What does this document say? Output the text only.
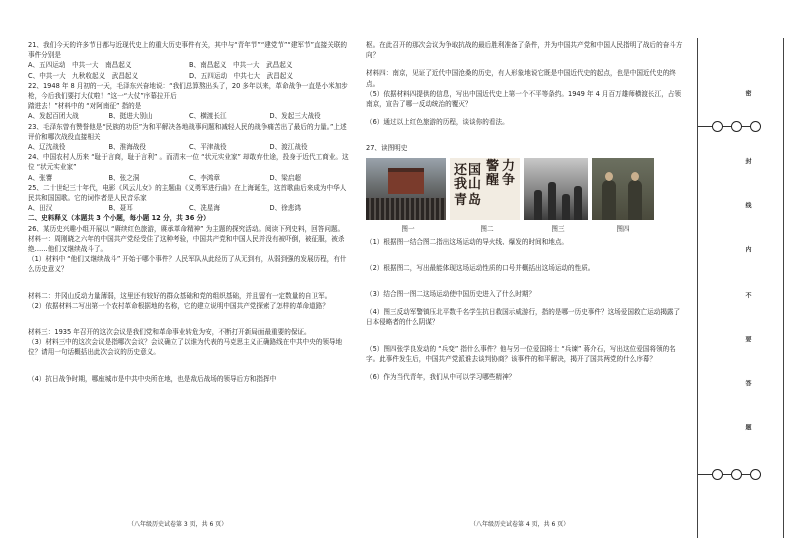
21、我们今天的许多节日都与近现代史上的重大历史事件有关，其中与“青年节”“建党节”“建军节”直接关联的事件分别是

A、五四运动　中共一大　南昌起义	B、南昌起义　中共一大　武昌起义
C、中共一大　九秋收起义　武昌起义	D、五四运动　中共七大　武昌起义

22、1948 年 8 月初的一天，毛泽东兴奋地说：“我们总算熬出头了，20 多年以来，革命战争一直是小米加步枪，今后我们要打大仗啦！”这一“大仗”序幕拉开后

踏进去！”材料中的 “对阿南征” 指的是

A、发起百团大战	B、挺进大别山	C、横渡长江	D、发起三大战役

23、毛泽东曾有赞誉他是“民族的功臣”为和平解决各地战事问题和减轻人民的战争痛苦出了最后的力量。”上述评价和哪次战役直接相关

A、辽沈战役	B、淮海战役	C、平津战役	D、渡江战役

24、中国农村人历来 “耻于言商，耻于言利” 。而清末一位 “状元实业家” 却敢弃仕途，投身于近代工商业。这位 “状元实业家”

A、张謇	B、张之洞	C、李鸿章	D、梁启超

25、二十世纪三十年代，电影《风云儿女》的主题曲《义勇军进行曲》在上海诞生，这首歌曲后来成为中华人民共和国国歌。它的词作者是人民音乐家

A、田汉	B、聂耳	C、冼星海	D、徐悲鸿

二、史料释义（本题共 3 个小题，每小题 12 分，共 36 分）

26、某历史兴趣小组开展以 “赓续红色旅游，赓承革命精神” 为主题的探究活动。阅读下列史料，回答问题。

材料一：周刚晓之六年的中国共产党经受住了这种考验，中国共产党和中国人民并没有被吓倒，被征服，被杀绝……他们又继续战斗了。

（1）材料中 “他们又继续战斗” 开始于哪个事件？人民军队从此经历了从无到有，从弱到强的发展历程，有什么历史意义？

材料二：井冈山反动力量薄弱，这里还有较好的群众基础和党的组织基础，并且留有一定数量的自卫军。

（2）依据材料二写出第一个农村革命根据地的名称，它的建立说明中国共产党探索了怎样的革命道路？

材料三：1935 年召开的这次会议是我们党和革命事业转危为安，不断打开新局面最重要的保证。

（3）材料三中的这次会议是指哪次会议？会议确立了以谁为代表的马克思主义正确路线在中共中央的领导地位？请用一句话概括出此次会议的历史意义。

（4）抗日战争时期，哪座城市是中共中央所在地，也是敌后战场的领导后方和指挥中

（八年级历史试卷第 3 页，共 6 页）

枢。在此召开的那次会议为争取抗战的最后胜利准备了条件，并为中国共产党和中国人民指明了战后的奋斗方向？

材料四：南京，见证了近代中国沧桑的历史，有人形象地说它既是中国近代史的起点，也是中国近代史的终点。

（5）依据材料四提供的信息，写出中国近代史上第一个不平等条约。1949 年 4 月百万雄师横渡长江，占领南京，宣告了哪一反动统治的覆灭？

（6）通过以上红色旅游的历程，谈谈你的看法。

27、读图明史

警
醒
还
我 山
国
青 岛
力
争
图一	图二	图三	图四

（1）根据图一结合图二指出这场运动的导火线、爆发的时间和地点。

（2）根据图二，写出最能体现这场运动性质的口号并概括出这场运动的性质。

（3）结合图一图二这场运动使中国历史进入了什么时期？

（4）图三反动军警镇压北平数千名学生抗日救国示威游行，指的是哪一历史事件？这场爱国救亡运动揭露了日本侵略者的什么阴谋？

（5）图四张学良发动的 “兵变” 指什么事件？他与另一位爱国将士 “兵谏” 蒋介石，写出这位爱国将领的名字。此事件发生后，中国共产党派谁去谈判协商？该事件的和平解决，揭开了国共两党的什么序幕？

（6）作为当代青年，我们从中可以学习哪些精神？

（八年级历史试卷第 4 页，共 6 页）
密
封
线
内
不
要
答
题
